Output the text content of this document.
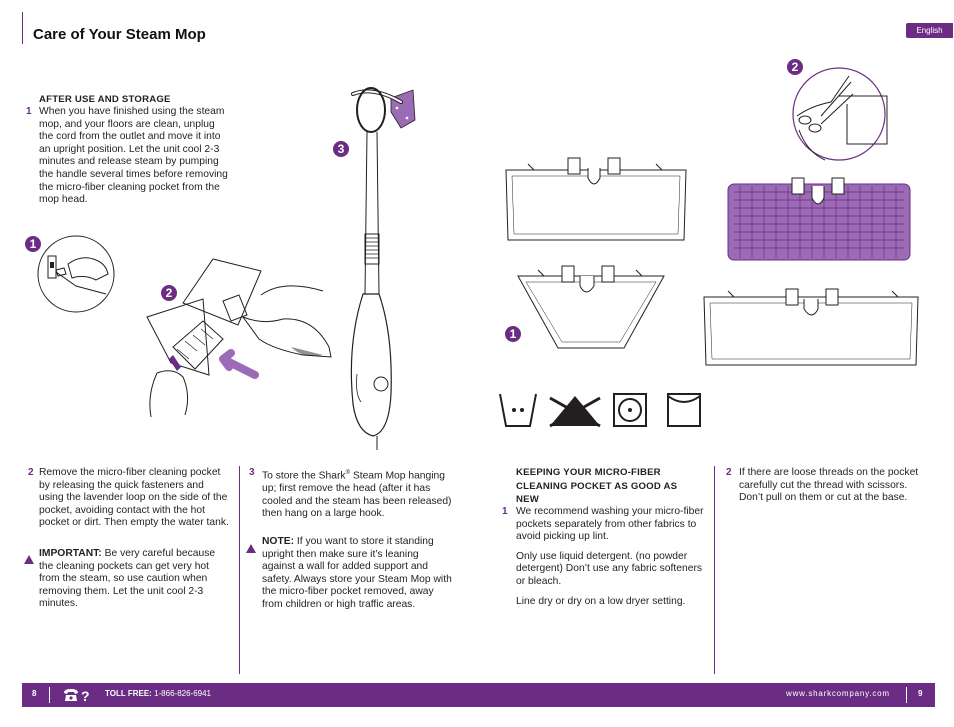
Care of Your Steam Mop	English
AFTER USE AND STORAGE
1 When you have finished using the steam mop, and your floors are clean, unplug the cord from the outlet and move it into an upright position. Let the unit cool 2-3 minutes and release steam by pumping the handle several times before removing the micro-fiber cleaning pocket from the mop head.
1
2
3
2 Remove the micro-fiber cleaning pocket by releasing the quick fasteners and using the lavender loop on the side of the pocket, avoiding contact with the hot pocket or dirt. Then empty the water tank.
IMPORTANT: Be very careful because the cleaning pockets can get very hot from the steam, so use caution when removing them. Let the unit cool 2-3 minutes.
3 To store the Shark® Steam Mop hanging up; first remove the head (after it has cooled and the steam has been released) then hang on a large hook.
NOTE: If you want to store it standing upright then make sure it’s leaning against a wall for added support and safety. Always store your Steam Mop with the micro-fiber pocket removed, away from children or high traffic areas.
1
2
KEEPING YOUR MICRO-FIBER CLEANING POCKET AS GOOD AS NEW
1 We recommend washing your micro-fiber pockets separately from other fabrics to avoid picking up lint.

Only use liquid detergent. (no powder detergent) Don’t use any fabric softeners or bleach.

Line dry or dry on a low dryer setting.

2 If there are loose threads on the pocket carefully cut the thread with scissors. Don’t pull on them or cut at the base.
8	? TOLL FREE: 1-866-826-6941	www.sharkcompany.com	9
